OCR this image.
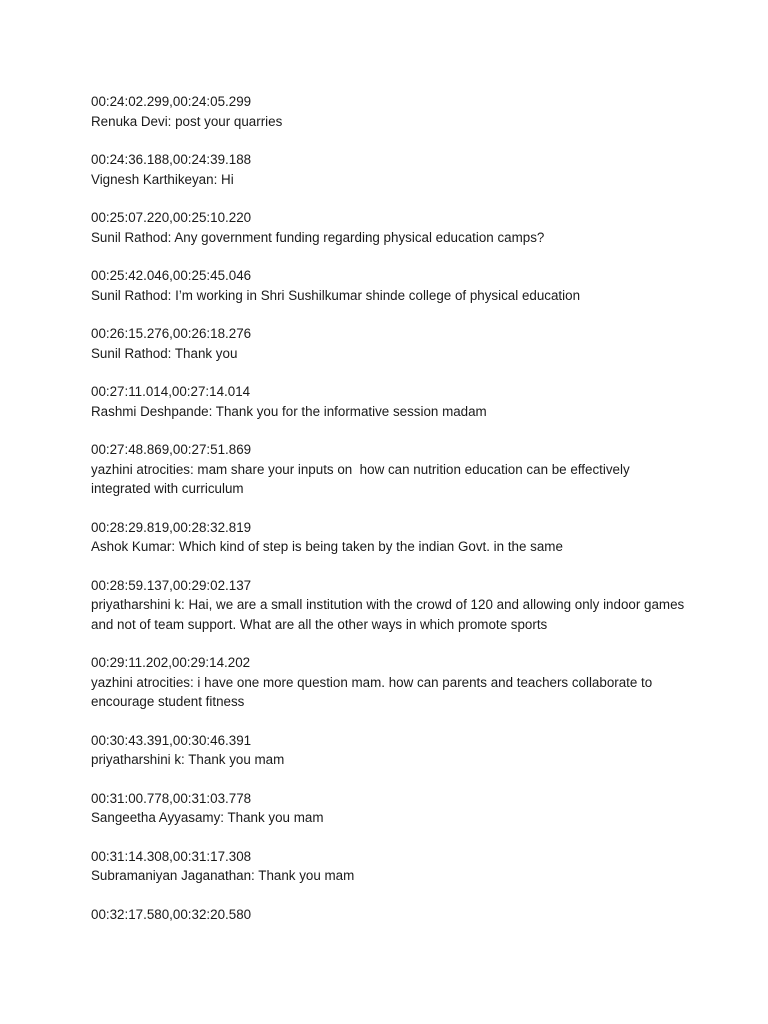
00:24:02.299,00:24:05.299
Renuka Devi: post your quarries
00:24:36.188,00:24:39.188
Vignesh Karthikeyan: Hi
00:25:07.220,00:25:10.220
Sunil Rathod: Any government funding regarding physical education camps?
00:25:42.046,00:25:45.046
Sunil Rathod: I’m working in Shri Sushilkumar shinde college of physical education
00:26:15.276,00:26:18.276
Sunil Rathod: Thank you
00:27:11.014,00:27:14.014
Rashmi Deshpande: Thank you for the informative session madam
00:27:48.869,00:27:51.869
yazhini atrocities: mam share your inputs on  how can nutrition education can be effectively integrated with curriculum
00:28:29.819,00:28:32.819
Ashok Kumar: Which kind of step is being taken by the indian Govt. in the same
00:28:59.137,00:29:02.137
priyatharshini k: Hai, we are a small institution with the crowd of 120 and allowing only indoor games and not of team support. What are all the other ways in which promote sports
00:29:11.202,00:29:14.202
yazhini atrocities: i have one more question mam. how can parents and teachers collaborate to encourage student fitness
00:30:43.391,00:30:46.391
priyatharshini k: Thank you mam
00:31:00.778,00:31:03.778
Sangeetha Ayyasamy: Thank you mam
00:31:14.308,00:31:17.308
Subramaniyan Jaganathan: Thank you mam
00:32:17.580,00:32:20.580
